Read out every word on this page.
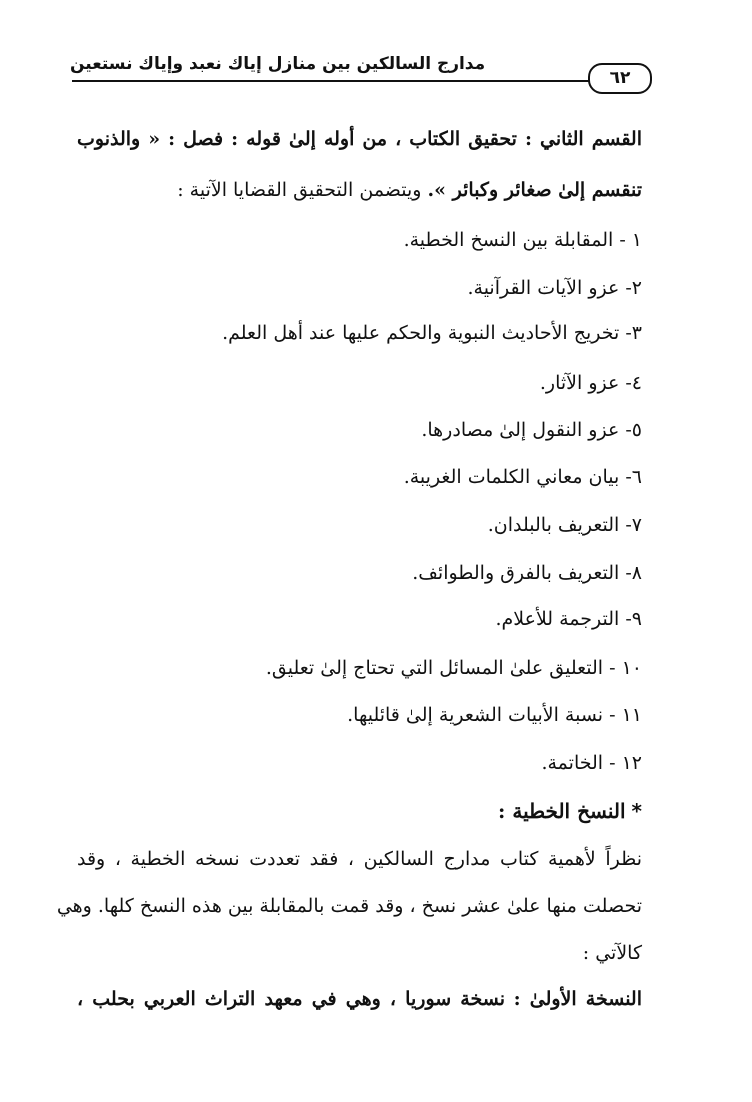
مدارج السالكين بين منازل إياك نعبد وإياك نستعين
٦٢
القسم الثاني : تحقيق الكتاب ، من أوله إلىٰ قوله : فصل : « والذنوب
تنقسم إلىٰ صغائر وكبائر ». ويتضمن التحقيق القضايا الآتية :
١ - المقابلة بين النسخ الخطية.
٢- عزو الآيات القرآنية.
٣- تخريج الأحاديث النبوية والحكم عليها عند أهل العلم.
٤- عزو الآثار.
٥- عزو النقول إلىٰ مصادرها.
٦- بيان معاني الكلمات الغريبة.
٧- التعريف بالبلدان.
٨- التعريف بالفرق والطوائف.
٩- الترجمة للأعلام.
١٠ - التعليق علىٰ المسائل التي تحتاج إلىٰ تعليق.
١١ - نسبة الأبيات الشعرية إلىٰ قائليها.
١٢ - الخاتمة.
*النسخ الخطية :
نظراً لأهمية كتاب مدارج السالكين ، فقد تعددت نسخه الخطية ، وقد
تحصلت منها علىٰ عشر نسخ ، وقد قمت بالمقابلة بين هذه النسخ كلها. وهي
كالآتي :
النسخة الأولىٰ : نسخة سوريا ، وهي في معهد التراث العربي بحلب ،
